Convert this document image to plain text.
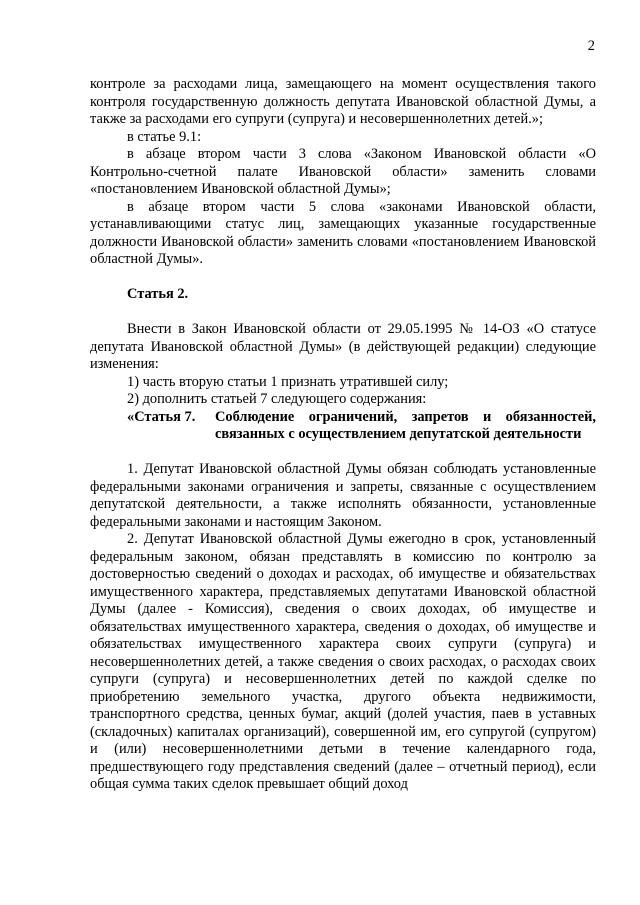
2

контроле за расходами лица, замещающего на момент осуществления такого контроля государственную должность депутата Ивановской областной Думы, а также за расходами его супруги (супруга) и несовершеннолетних детей.»;

в статье 9.1:

в абзаце втором части 3 слова «Законом Ивановской области «О Контрольно-счетной палате Ивановской области» заменить словами «постановлением Ивановской областной Думы»;

в абзаце втором части 5 слова «законами Ивановской области, устанавливающими статус лиц, замещающих указанные государственные должности Ивановской области» заменить словами «постановлением Ивановской областной Думы».

Статья 2.

Внести в Закон Ивановской области от 29.05.1995 № 14-ОЗ «О статусе депутата Ивановской областной Думы» (в действующей редакции) следующие изменения:

1) часть вторую статьи 1 признать утратившей силу;

2) дополнить статьей 7 следующего содержания:

«Статья 7.	Соблюдение ограничений, запретов и обязанностей, связанных с осуществлением депутатской деятельности

1. Депутат Ивановской областной Думы обязан соблюдать установленные федеральными законами ограничения и запреты, связанные с осуществлением депутатской деятельности, а также исполнять обязанности, установленные федеральными законами и настоящим Законом.

2. Депутат Ивановской областной Думы ежегодно в срок, установленный федеральным законом, обязан представлять в комиссию по контролю за достоверностью сведений о доходах и расходах, об имуществе и обязательствах имущественного характера, представляемых депутатами Ивановской областной Думы (далее - Комиссия), сведения о своих доходах, об имуществе и обязательствах имущественного характера, сведения о доходах, об имуществе и обязательствах имущественного характера своих супруги (супруга) и несовершеннолетних детей, а также сведения о своих расходах, о расходах своих супруги (супруга) и несовершеннолетних детей по каждой сделке по приобретению земельного участка, другого объекта недвижимости, транспортного средства, ценных бумаг, акций (долей участия, паев в уставных (складочных) капиталах организаций), совершенной им, его супругой (супругом) и (или) несовершеннолетними детьми в течение календарного года, предшествующего году представления сведений (далее – отчетный период), если общая сумма таких сделок превышает общий доход
